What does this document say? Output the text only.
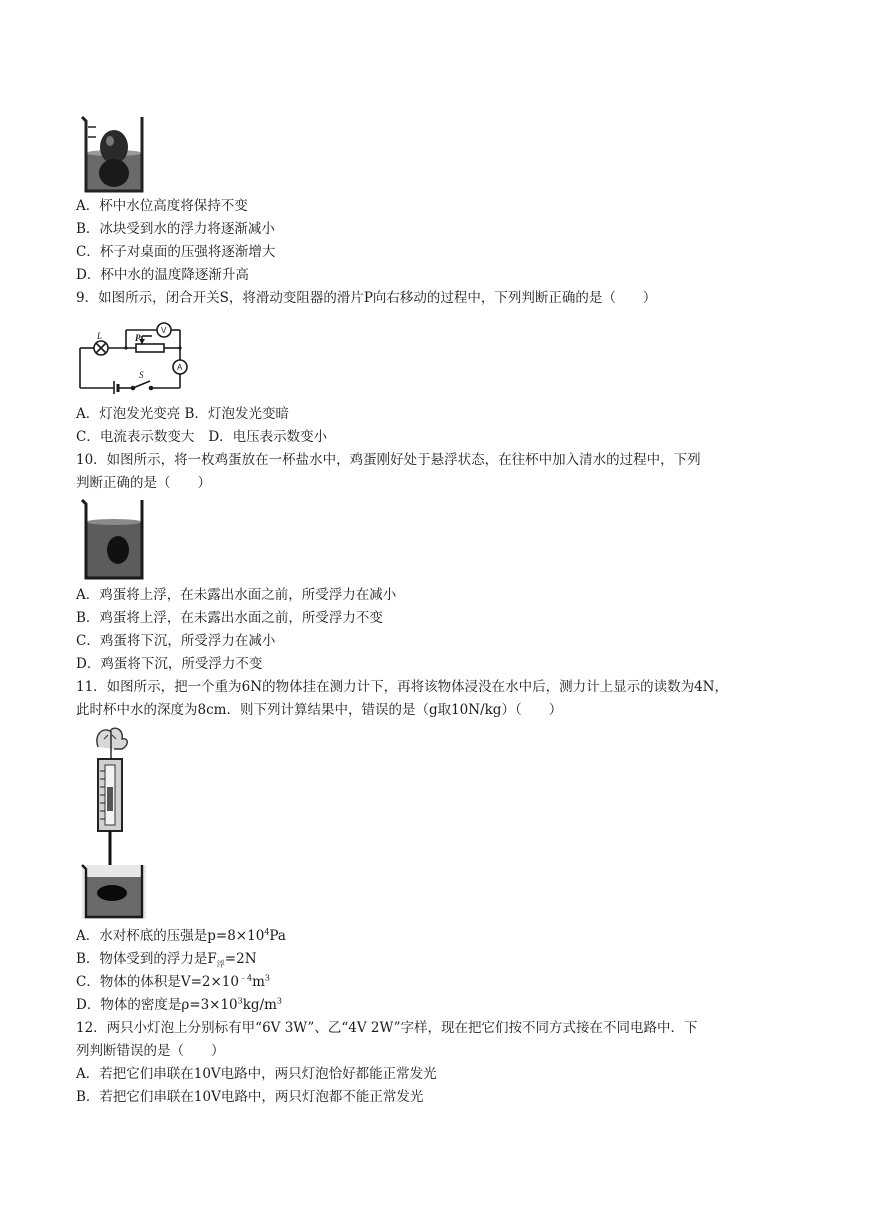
A．杯中水位高度将保持不变
B．冰块受到水的浮力将逐渐减小
C．杯子对桌面的压强将逐渐增大
D．杯中水的温度降逐渐升高
9．如图所示，闭合开关S，将滑动变阻器的滑片P向右移动的过程中，下列判断正确的是（　　）
L	P
V
A
S
A．灯泡发光变亮 B．灯泡发光变暗
C．电流表示数变大 D．电压表示数变小
10．如图所示，将一枚鸡蛋放在一杯盐水中，鸡蛋刚好处于悬浮状态，在往杯中加入清水的过程中，下列
判断正确的是（　　）
A．鸡蛋将上浮，在未露出水面之前，所受浮力在减小
B．鸡蛋将上浮，在未露出水面之前，所受浮力不变
C．鸡蛋将下沉，所受浮力在减小
D．鸡蛋将下沉，所受浮力不变
11．如图所示，把一个重为6N的物体挂在测力计下，再将该物体浸没在水中后，测力计上显示的读数为4N，
此时杯中水的深度为8cm．则下列计算结果中，错误的是（g取10N/kg）（　　）
A．水对杯底的压强是$p=8\times 10^4Pa$
B．物体受到的浮力是$F_浮=2N$
C．物体的体积是$V=2\times 10^{﹣4}m^3$
D．物体的密度是$\rho=3\times 10^3kg/m^3$
12．两只小灯泡上分别标有甲“6V 3W”、乙“4V 2W”字样，现在把它们按不同方式接在不同电路中．下
列判断错误的是（　　）
A．若把它们串联在10V电路中，两只灯泡恰好都能正常发光
B．若把它们串联在10V电路中，两只灯泡都不能正常发光
